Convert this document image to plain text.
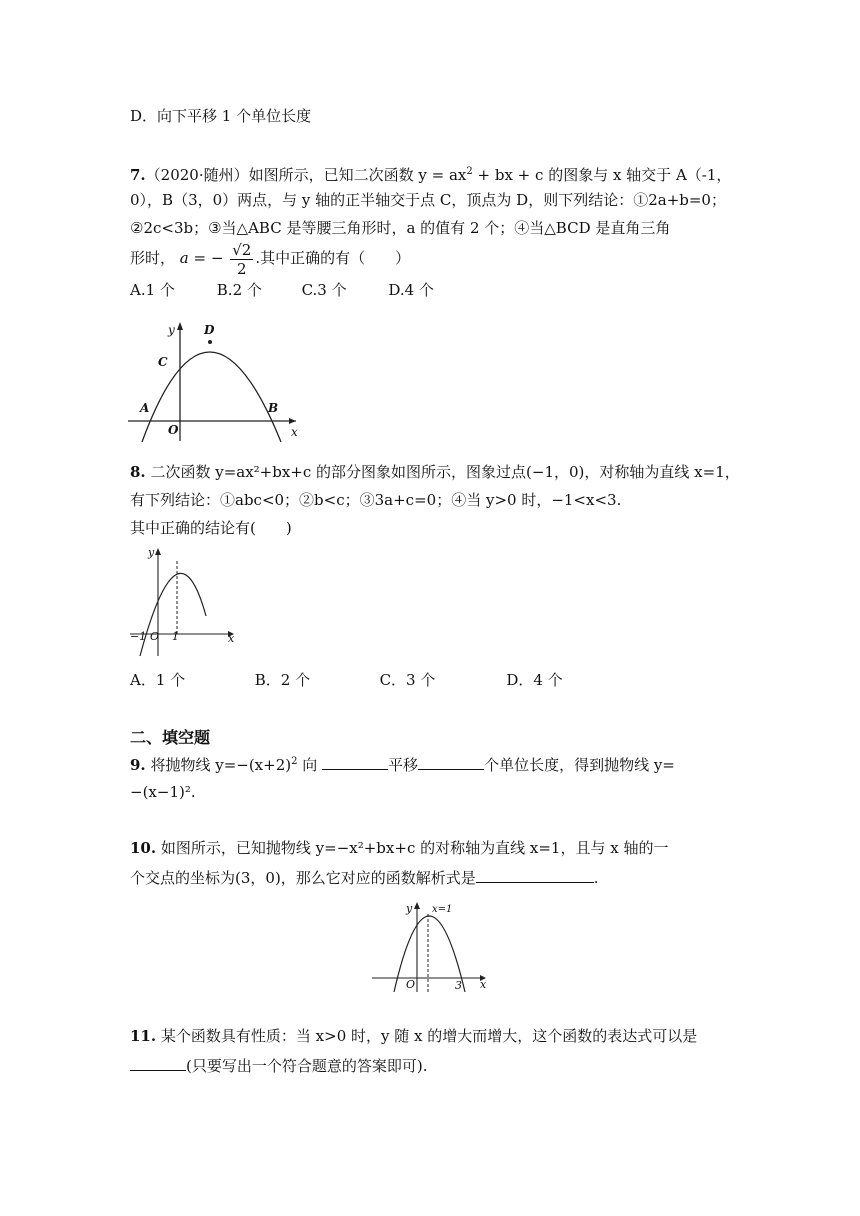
D．向下平移 1 个单位长度
7.（2020·随州）如图所示，已知二次函数 $y = ax^2$ + bx + c 的图象与 x 轴交于 A（-1，
0），B（3，0）两点，与 y 轴的正半轴交于点 C，顶点为 D，则下列结论：①2a+b=0；
②2c<3b；③当△ABC 是等腰三角形时，a 的值有 2 个；④当△BCD 是直角三角
形时， a = − $\frac{√2}{2}$ .其中正确的有（　　）
A.1 个	B.2 个	C.3 个	D.4 个
y D
C
A	B
O	x
8. 二次函数 y=ax²+bx+c 的部分图象如图所示，图象过点(−1，0)，对称轴为直线 x=1，
有下列结论：①abc<0；②b<c；③3a+c=0；④当 y>0 时，−1<x<3.
其中正确的结论有(　　)
y
−1 O 1	x
A．1 个	B．2 个	C．3 个	D．4 个
二、填空题
9. 将抛物线 $y=-(x+2)^2$ 向	平移	个单位长度，得到抛物线 y=
−(x−1)².
10. 如图所示，已知抛物线 y=−x²+bx+c 的对称轴为直线 x=1，且与 x 轴的一
个交点的坐标为(3，0)，那么它对应的函数解析式是	.
y x=1
O	3 x
11. 某个函数具有性质：当 x>0 时，y 随 x 的增大而增大，这个函数的表达式可以是
(只要写出一个符合题意的答案即可).
